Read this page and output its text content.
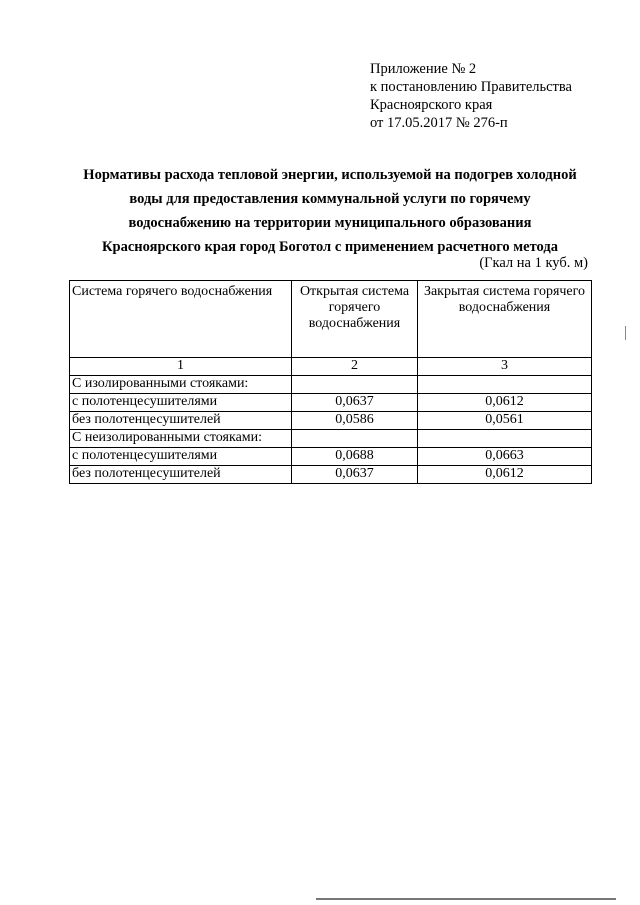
Приложение № 2
к постановлению Правительства
Красноярского края
от 17.05.2017 № 276-п
Нормативы расхода тепловой энергии, используемой на подогрев холодной
воды для предоставления коммунальной услуги по горячему
водоснабжению на территории муниципального образования
Красноярского края город Боготол с применением расчетного метода
(Гкал на 1 куб. м)
Система горячего водоснабжения	Открытая система горячего водоснабжения	Закрытая система горячего водоснабжения
1	2	3
С изолированными стояками:		
с полотенцесушителями	0,0637	0,0612
без полотенцесушителей	0,0586	0,0561
С неизолированными стояками:		
с полотенцесушителями	0,0688	0,0663
без полотенцесушителей	0,0637	0,0612
